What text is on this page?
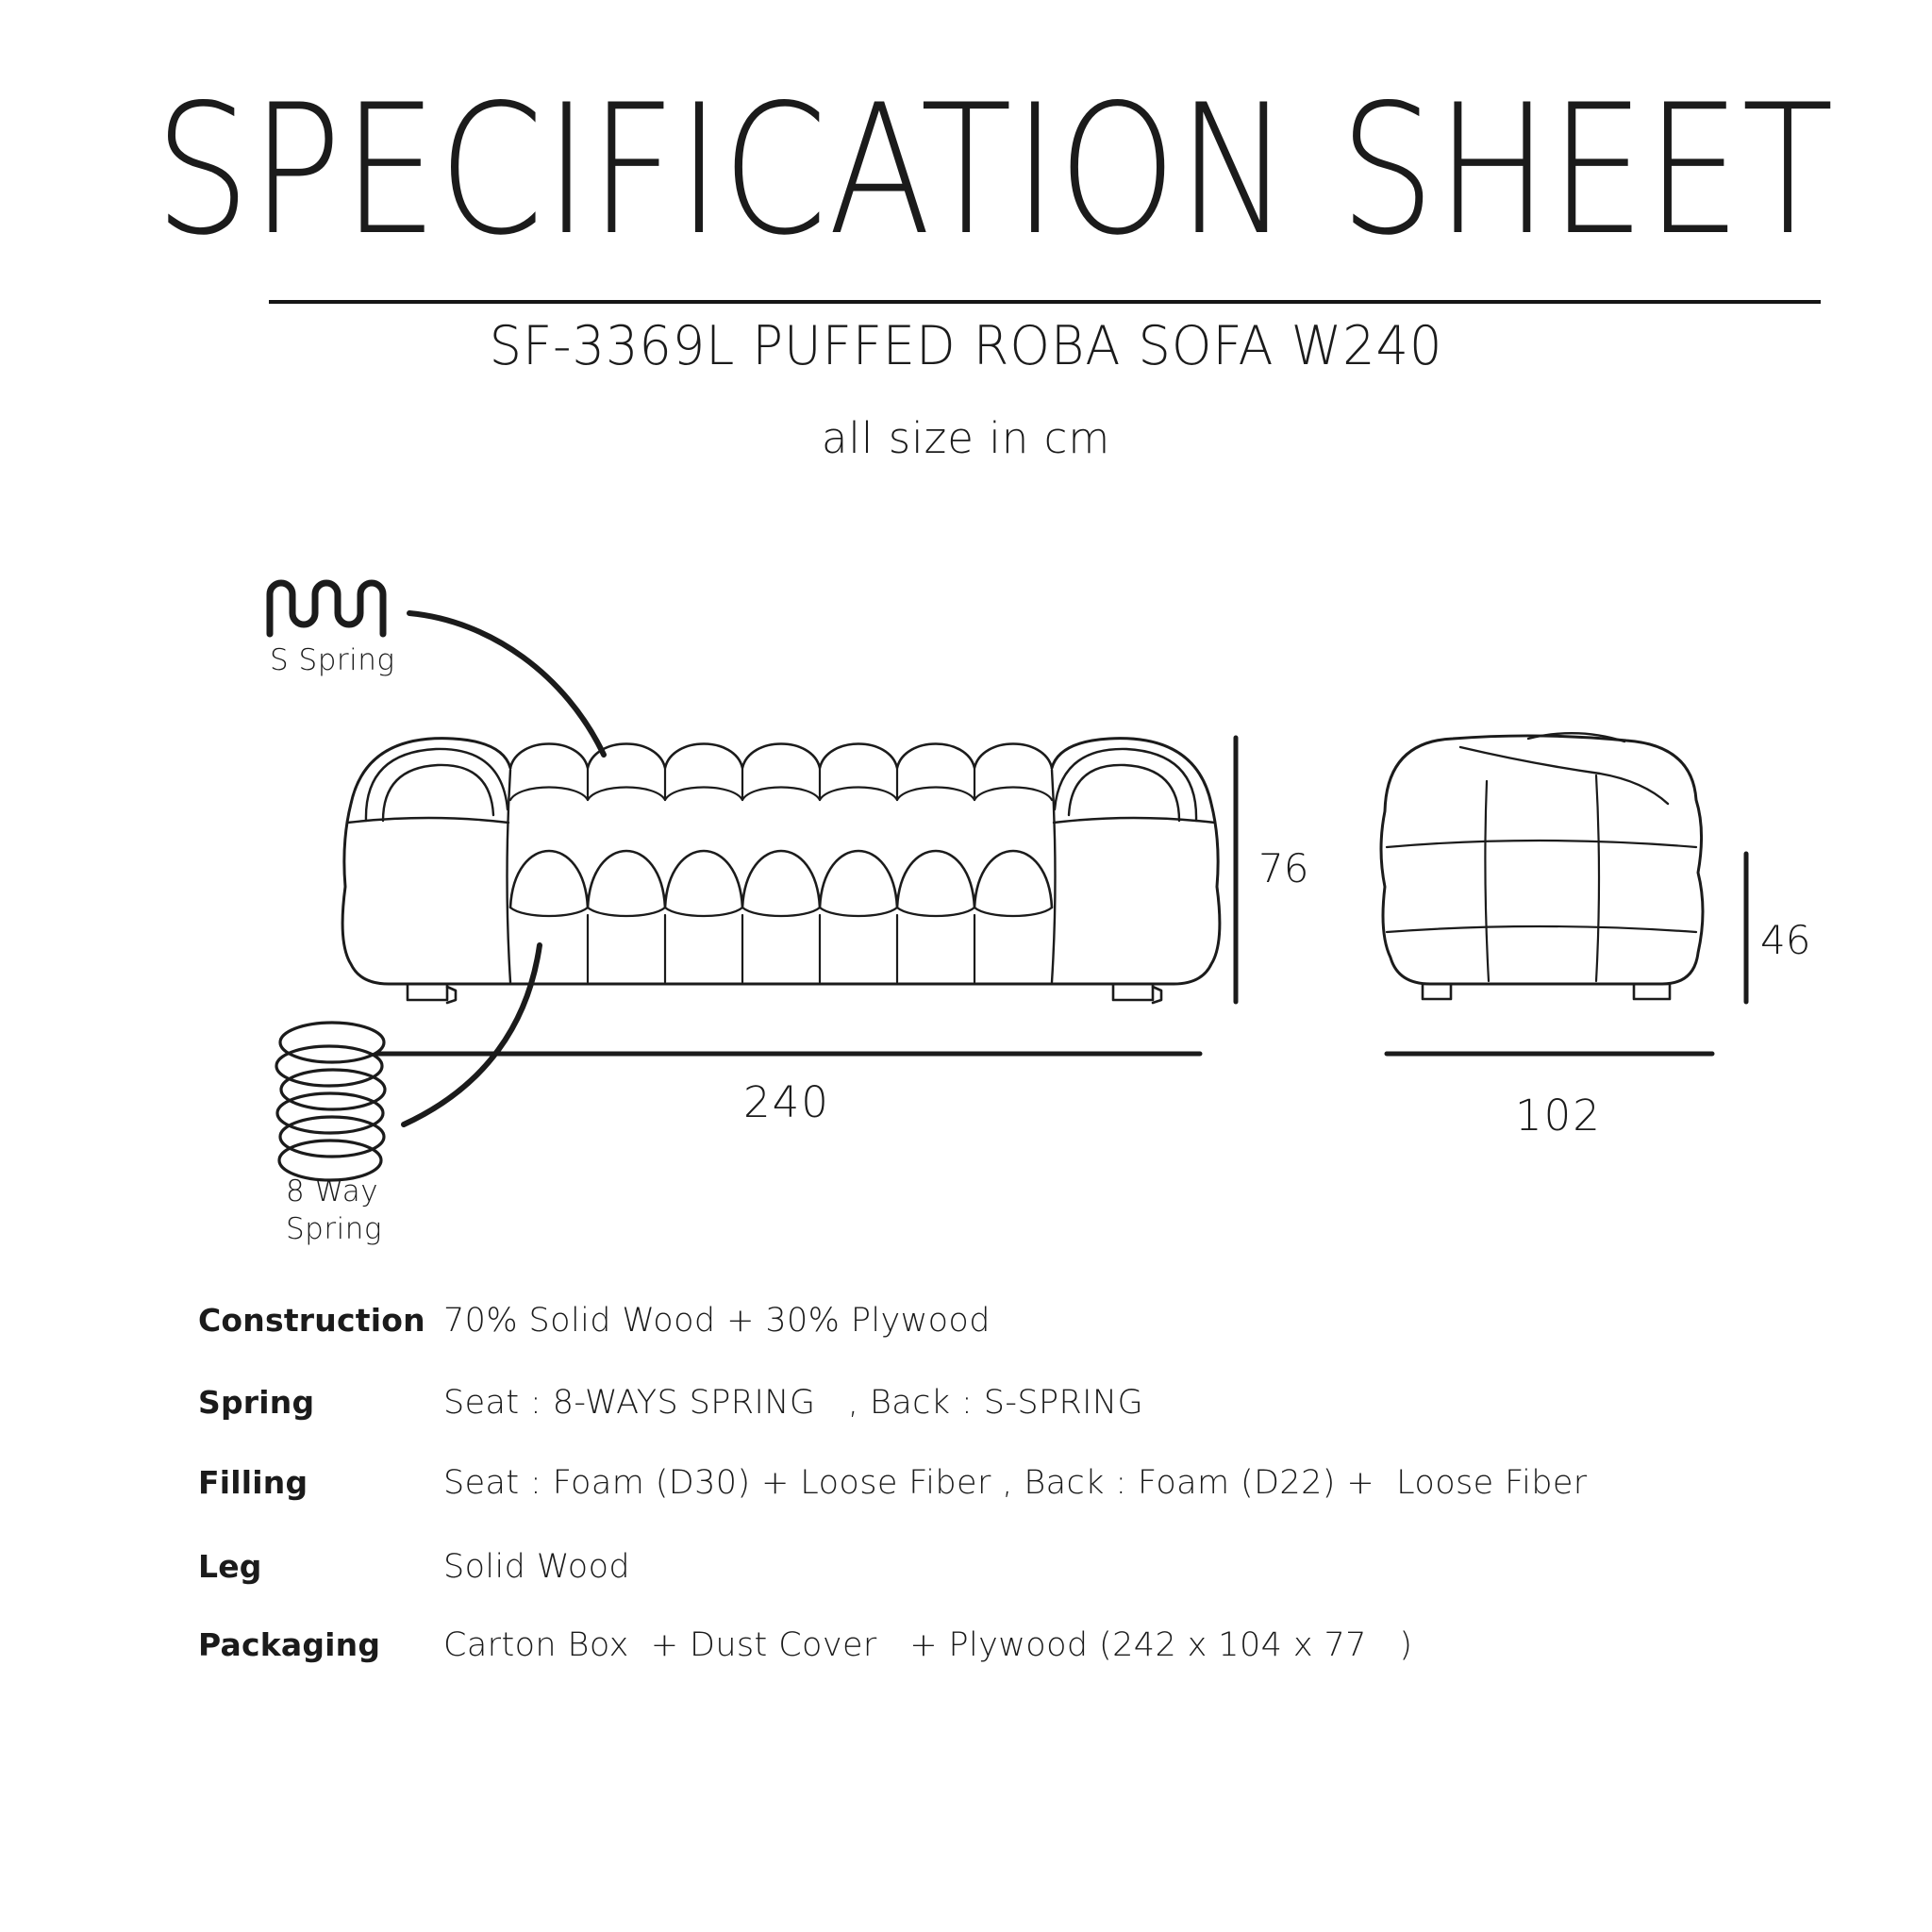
SPECIFICATION SHEET
SF-3369L PUFFED ROBA SOFA W240
all size in cm
S Spring
8 Way
Spring
76
240
46
102
Construction 70% Solid Wood + 30% Plywood
Spring	Seat : 8-WAYS SPRING   , Back : S-SPRING
Filling	Seat : Foam (D30) + Loose Fiber , Back : Foam (D22) +  Loose Fiber
Leg	Solid Wood
Packaging	Carton Box  + Dust Cover   + Plywood (242 x 104 x 77   )
